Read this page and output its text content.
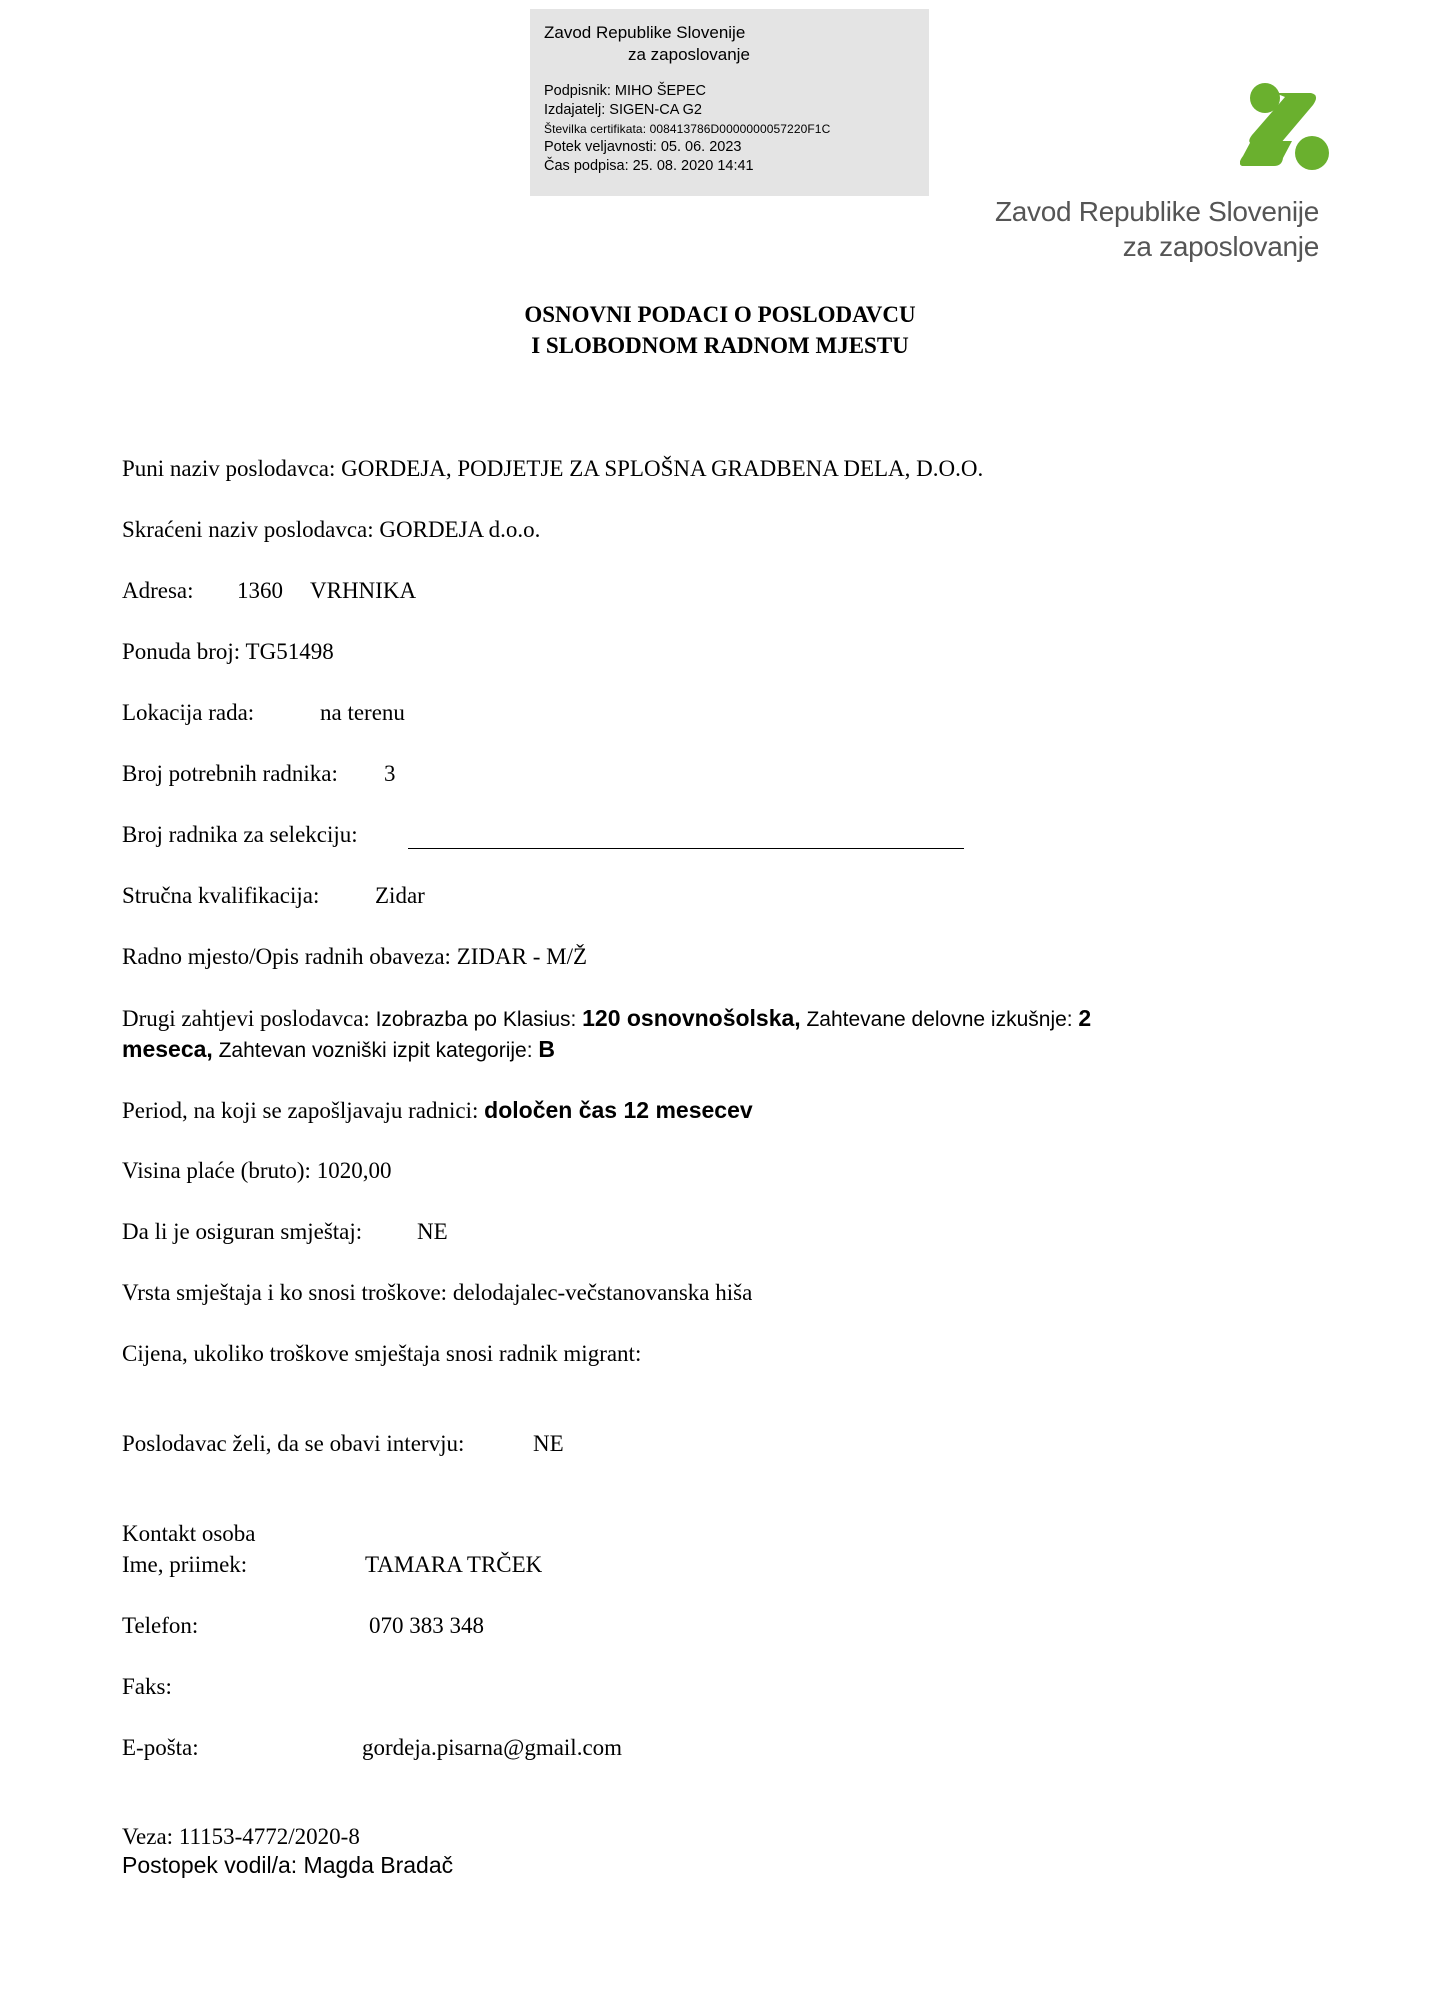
Zavod Republike Slovenije
za zaposlovanje
Podpisnik: MIHO ŠEPEC
Izdajatelj: SIGEN-CA G2
Številka certifikata: 008413786D0000000057220F1C
Potek veljavnosti: 05. 06. 2023
Čas podpisa: 25. 08. 2020 14:41
Zavod Republike Slovenije
za zaposlovanje
OSNOVNI PODACI O POSLODAVCU
I SLOBODNOM RADNOM MJESTU
Puni naziv poslodavca: GORDEJA, PODJETJE ZA SPLOŠNA GRADBENA DELA, D.O.O.
Skraćeni naziv poslodavca: GORDEJA d.o.o.
Adresa: 1360 VRHNIKA
Ponuda broj: TG51498
Lokacija rada:	na terenu
Broj potrebnih radnika: 3
Broj radnika za selekciju:
Stručna kvalifikacija: Zidar
Radno mjesto/Opis radnih obaveza: ZIDAR - M/Ž
Drugi zahtjevi poslodavca: Izobrazba po Klasius: 120 osnovnošolska, Zahtevane delovne izkušnje: 2
meseca, Zahtevan vozniški izpit kategorije: B
Period, na koji se zapošljavaju radnici: določen čas 12 mesecev
Visina plaće (bruto): 1020,00
Da li je osiguran smještaj: NE
Vrsta smještaja i ko snosi troškove: delodajalec-večstanovanska hiša
Cijena, ukoliko troškove smještaja snosi radnik migrant:
Poslodavac želi, da se obavi intervju:	NE
Kontakt osoba
Ime, priimek:	TAMARA TRČEK
Telefon:	070 383 348
Faks:
E-pošta:	gordeja.pisarna@gmail.com
Veza: 11153-4772/2020-8
Postopek vodil/a: Magda Bradač
